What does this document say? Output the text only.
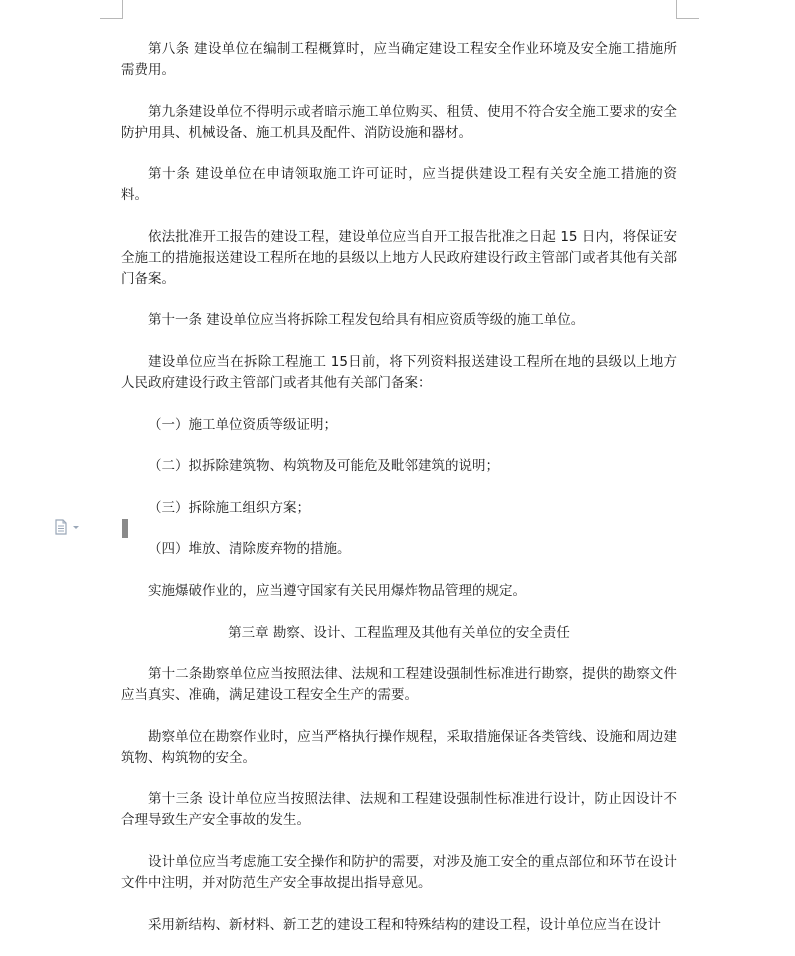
第八条 建设单位在编制工程概算时，应当确定建设工程安全作业环境及安全施工措施所需费用。

第九条建设单位不得明示或者暗示施工单位购买、租赁、使用不符合安全施工要求的安全防护用具、机械设备、施工机具及配件、消防设施和器材。

第十条 建设单位在申请领取施工许可证时，应当提供建设工程有关安全施工措施的资料。

依法批准开工报告的建设工程，建设单位应当自开工报告批准之日起 15 日内，将保证安全施工的措施报送建设工程所在地的县级以上地方人民政府建设行政主管部门或者其他有关部门备案。

第十一条 建设单位应当将拆除工程发包给具有相应资质等级的施工单位。

建设单位应当在拆除工程施工 15日前，将下列资料报送建设工程所在地的县级以上地方人民政府建设行政主管部门或者其他有关部门备案：

（一）施工单位资质等级证明；

（二）拟拆除建筑物、构筑物及可能危及毗邻建筑的说明；

（三）拆除施工组织方案；

（四）堆放、清除废弃物的措施。

实施爆破作业的，应当遵守国家有关民用爆炸物品管理的规定。

第三章 勘察、设计、工程监理及其他有关单位的安全责任

第十二条勘察单位应当按照法律、法规和工程建设强制性标准进行勘察，提供的勘察文件应当真实、准确，满足建设工程安全生产的需要。

勘察单位在勘察作业时，应当严格执行操作规程，采取措施保证各类管线、设施和周边建筑物、构筑物的安全。

第十三条 设计单位应当按照法律、法规和工程建设强制性标准进行设计，防止因设计不合理导致生产安全事故的发生。

设计单位应当考虑施工安全操作和防护的需要，对涉及施工安全的重点部位和环节在设计文件中注明，并对防范生产安全事故提出指导意见。

采用新结构、新材料、新工艺的建设工程和特殊结构的建设工程，设计单位应当在设计
